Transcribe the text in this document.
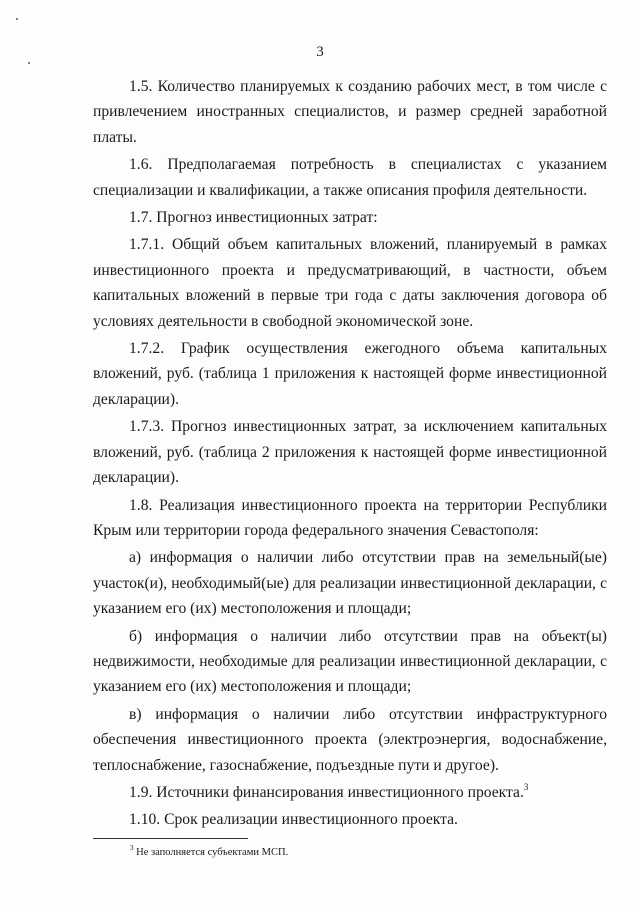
3

1.5. Количество планируемых к созданию рабочих мест, в том числе с привлечением иностранных специалистов, и размер средней заработной платы.

1.6. Предполагаемая потребность в специалистах с указанием специализации и квалификации, а также описания профиля деятельности.

1.7. Прогноз инвестиционных затрат:

1.7.1. Общий объем капитальных вложений, планируемый в рамках инвестиционного проекта и предусматривающий, в частности, объем капитальных вложений в первые три года с даты заключения договора об условиях деятельности в свободной экономической зоне.

1.7.2. График осуществления ежегодного объема капитальных вложений, руб. (таблица 1 приложения к настоящей форме инвестиционной декларации).

1.7.3. Прогноз инвестиционных затрат, за исключением капитальных вложений, руб. (таблица 2 приложения к настоящей форме инвестиционной декларации).

1.8. Реализация инвестиционного проекта на территории Республики Крым или территории города федерального значения Севастополя:

а) информация о наличии либо отсутствии прав на земельный(ые) участок(и), необходимый(ые) для реализации инвестиционной декларации, с указанием его (их) местоположения и площади;

б) информация о наличии либо отсутствии прав на объект(ы) недвижимости, необходимые для реализации инвестиционной декларации, с указанием его (их) местоположения и площади;

в) информация о наличии либо отсутствии инфраструктурного обеспечения инвестиционного проекта (электроэнергия, водоснабжение, теплоснабжение, газоснабжение, подъездные пути и другое).

1.9. Источники финансирования инвестиционного проекта.$^3$

1.10. Срок реализации инвестиционного проекта.

$^3$ Не заполняется субъектами МСП.
